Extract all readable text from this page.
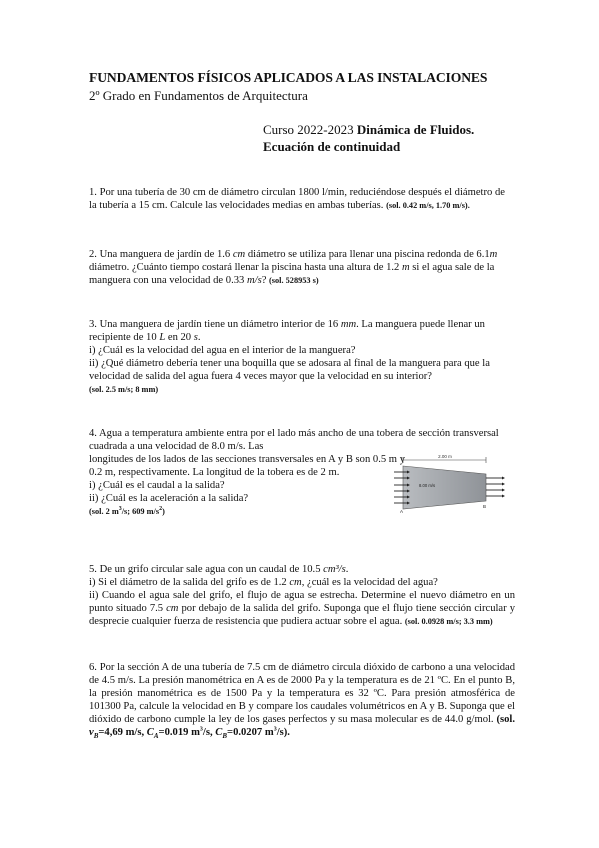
FUNDAMENTOS FÍSICOS APLICADOS A LAS INSTALACIONES
2º Grado en Fundamentos de Arquitectura
Curso 2022-2023 Dinámica de Fluidos.
Ecuación de continuidad
1. Por una tubería de 30 cm de diámetro circulan 1800 l/min, reduciéndose después el diámetro de la tubería a 15 cm. Calcule las velocidades medias en ambas tuberías. (sol. 0.42 m/s, 1.70 m/s).
2. Una manguera de jardín de 1.6 cm diámetro se utiliza para llenar una piscina redonda de 6.1m diámetro. ¿Cuánto tiempo costará llenar la piscina hasta una altura de 1.2 m si el agua sale de la manguera con una velocidad de 0.33 m/s? (sol. 528953 s)
3. Una manguera de jardín tiene un diámetro interior de 16 mm. La manguera puede llenar un recipiente de 10 L en 20 s.
i) ¿Cuál es la velocidad del agua en el interior de la manguera?
ii) ¿Qué diámetro debería tener una boquilla que se adosara al final de la manguera para que la velocidad de salida del agua fuera 4 veces mayor que la velocidad en su interior?
(sol. 2.5 m/s; 8 mm)
4. Agua a temperatura ambiente entra por el lado más ancho de una tobera de sección transversal cuadrada a una velocidad de 8.0 m/s. Las
longitudes de los lados de las secciones transversales en A y B son 0.5 m y 0.2 m, respectivamente. La longitud de la tobera es de 2 m.
i) ¿Cuál es el caudal a la salida?
ii) ¿Cuál es la aceleración a la salida?
(sol. 2 $m^3/s$; 609 $m/s^2$)
2.00 m
8.00 m/s
A
B
5. De un grifo circular sale agua con un caudal de 10.5 cm³/s.
i) Si el diámetro de la salida del grifo es de 1.2 cm, ¿cuál es la velocidad del agua?
ii) Cuando el agua sale del grifo, el flujo de agua se estrecha. Determine el nuevo diámetro en un punto situado 7.5 cm por debajo de la salida del grifo. Suponga que el flujo tiene sección circular y desprecie cualquier fuerza de resistencia que pudiera actuar sobre el agua. (sol. 0.0928 m/s; 3.3 mm)
6. Por la sección A de una tubería de 7.5 cm de diámetro circula dióxido de carbono a una velocidad de 4.5 m/s. La presión manométrica en A es de 2000 Pa y la temperatura es de 21 ºC. En el punto B, la presión manométrica es de 1500 Pa y la temperatura es 32 ºC. Para presión atmosférica de 101300 Pa, calcule la velocidad en B y compare los caudales volumétricos en A y B. Suponga que el dióxido de carbono cumple la ley de los gases perfectos y su masa molecular es de 44.0 g/mol. (sol. $v_B=4,69$ m/s, $C_A=0.019$ $m^3/s$, $C_B=0.0207$ $m^3/s$).
